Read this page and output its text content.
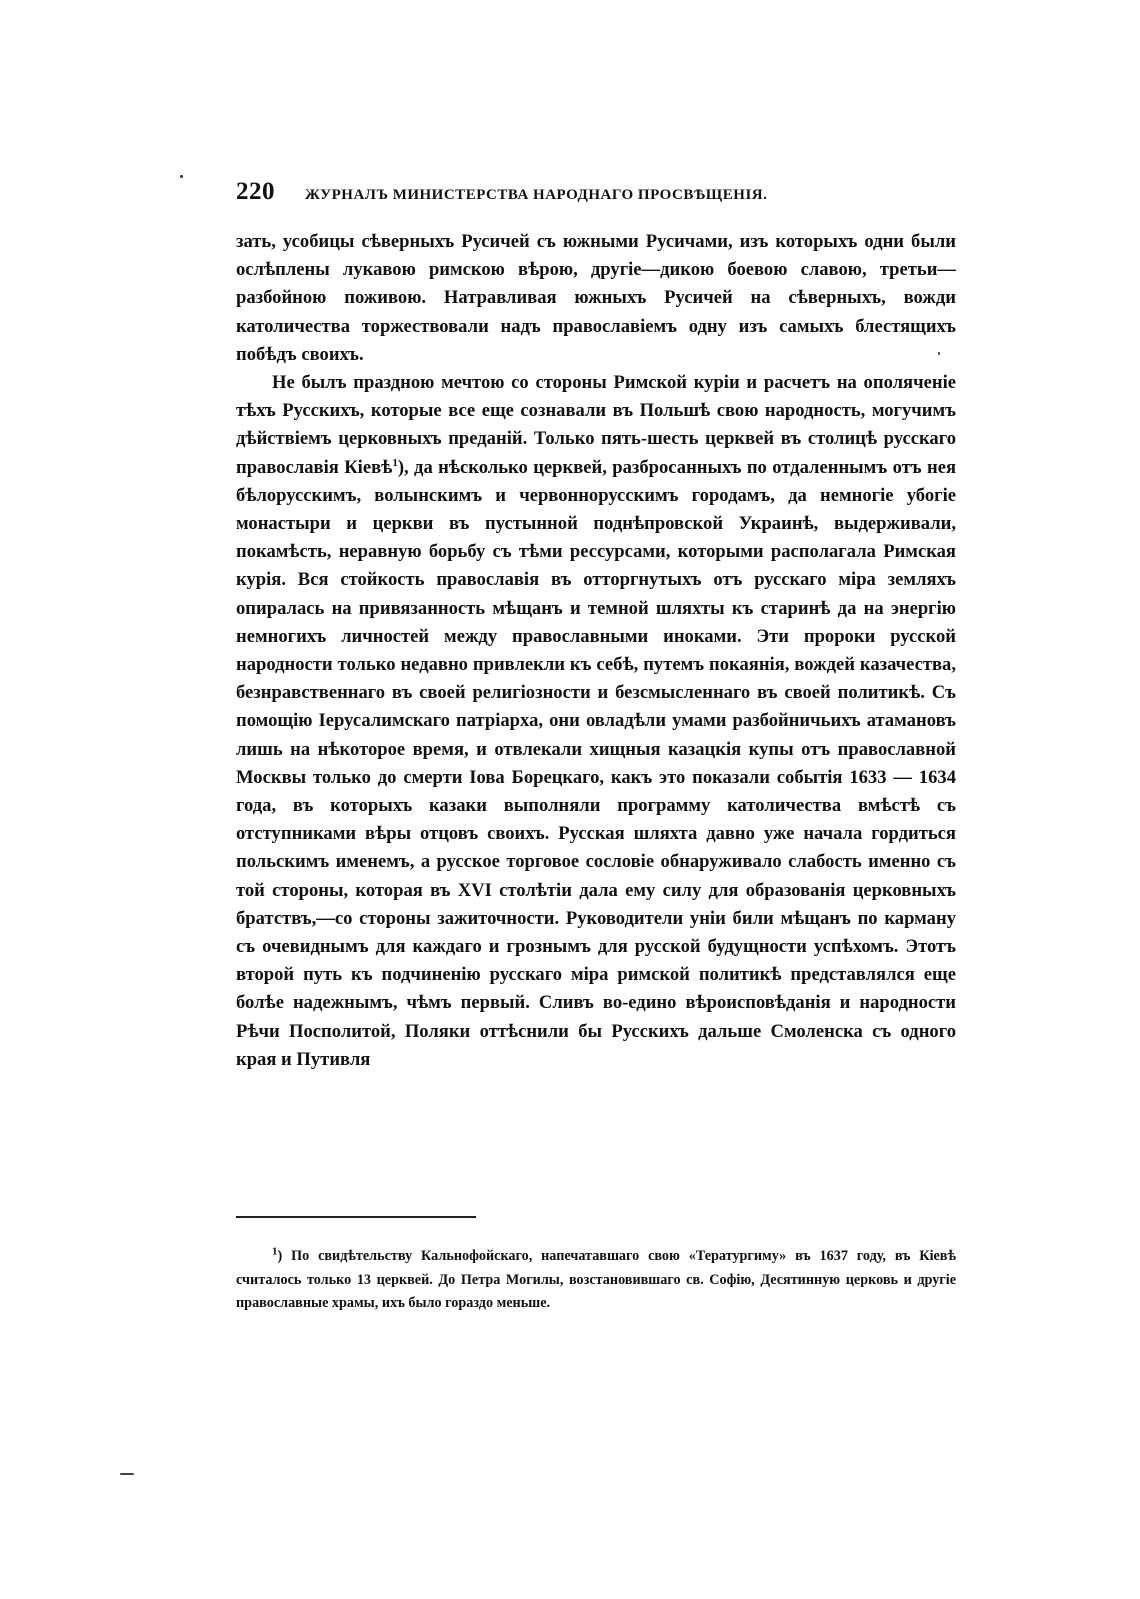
220 ЖУРНАЛЪ МИНИСТЕРСТВА НАРОДНАГО ПРОСВѢЩЕНІЯ.

зать, усобицы сѣверныхъ Русичей съ южными Русичами, изъ которыхъ одни были ослѣплены лукавою римскою вѣрою, другіе—дикою боевою славою, третьи—разбойною поживою. Натравливая южныхъ Русичей на сѣверныхъ, вожди католичества торжествовали надъ православіемъ одну изъ самыхъ блестящихъ побѣдъ своихъ.

Не былъ праздною мечтою со стороны Римской куріи и расчетъ на ополяченіе тѣхъ Русскихъ, которые все еще сознавали въ Польшѣ свою народность, могучимъ дѣйствіемъ церковныхъ преданій. Только пять-шесть церквей въ столицѣ русскаго православія Кіевѣ$^1$), да нѣсколько церквей, разбросанныхъ по отдаленнымъ отъ нея бѣлорусскимъ, волынскимъ и червоннорусскимъ городамъ, да немногіе убогіе монастыри и церкви въ пустынной поднѣпровской Украинѣ, выдерживали, покамѣсть, неравную борьбу съ тѣми рессурсами, которыми располагала Римская курія. Вся стойкость православія въ отторгнутыхъ отъ русскаго міра земляхъ опиралась на привязанность мѣщанъ и темной шляхты къ старинѣ да на энергію немногихъ личностей между православными иноками. Эти пророки русской народности только недавно привлекли къ себѣ, путемъ покаянія, вождей казачества, безнравственнаго въ своей религіозности и безсмысленнаго въ своей политикѣ. Съ помощію Іерусалимскаго патріарха, они овладѣли умами разбойничьихъ атамановъ лишь на нѣкоторое время, и отвлекали хищныя казацкія купы отъ православной Москвы только до смерти Іова Борецкаго, какъ это показали событія 1633 — 1634 года, въ которыхъ казаки выполняли программу католичества вмѣстѣ съ отступниками вѣры отцовъ своихъ. Русская шляхта давно уже начала гордиться польскимъ именемъ, а русское торговое сословіе обнаруживало слабость именно съ той стороны, которая въ XVI столѣтіи дала ему силу для образованія церковныхъ братствъ,—со стороны зажиточности. Руководители уніи били мѣщанъ по карману съ очевиднымъ для каждаго и грознымъ для русской будущности успѣхомъ. Этотъ второй путь къ подчиненію русскаго міра римской политикѣ представлялся еще болѣе надежнымъ, чѣмъ первый. Сливъ во-едино вѣроисповѣданія и народности Рѣчи Посполитой, Поляки оттѣснили бы Русскихъ дальше Смоленска съ одного края и Путивля

$^1$) По свидѣтельству Кальнофойскаго, напечатавшаго свою «Тератургиму» въ 1637 году, въ Кіевѣ считалось только 13 церквей. До Петра Могилы, возстановившаго св. Софію, Десятинную церковь и другіе православные храмы, ихъ было гораздо меньше.
